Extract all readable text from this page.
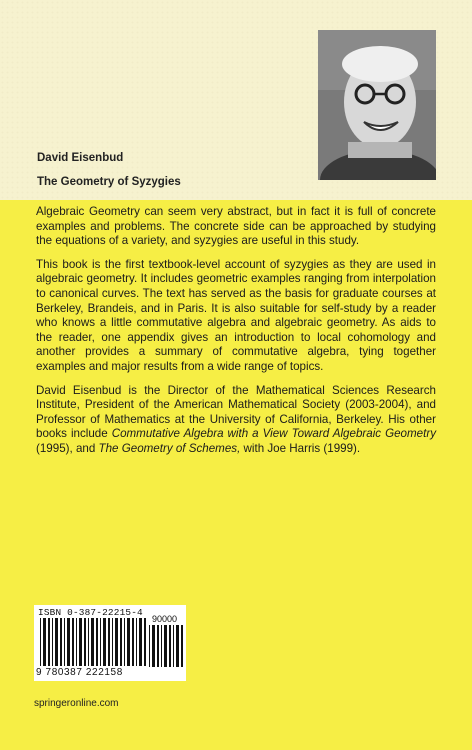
David Eisenbud
The Geometry of Syzygies

Algebraic Geometry can seem very abstract, but in fact it is full of concrete examples and problems. The concrete side can be approached by studying the equations of a variety, and syzygies are useful in this study.

This book is the first textbook-level account of syzygies as they are used in algebraic geometry. It includes geometric examples ranging from interpolation to canonical curves. The text has served as the basis for graduate courses at Berkeley, Brandeis, and in Paris. It is also suitable for self-study by a reader who knows a little commutative algebra and algebraic geometry. As aids to the reader, one appendix gives an introduction to local cohomology and another provides a summary of commutative algebra, tying together examples and major results from a wide range of topics.

David Eisenbud is the Director of the Mathematical Sciences Research Institute, President of the American Mathematical Society (2003-2004), and Professor of Mathematics at the University of California, Berkeley. His other books include Commutative Algebra with a View Toward Algebraic Geometry (1995), and The Geometry of Schemes, with Joe Harris (1999).

ISBN 0-387-22215-4
90000
9 780387 222158
springeronline.com
